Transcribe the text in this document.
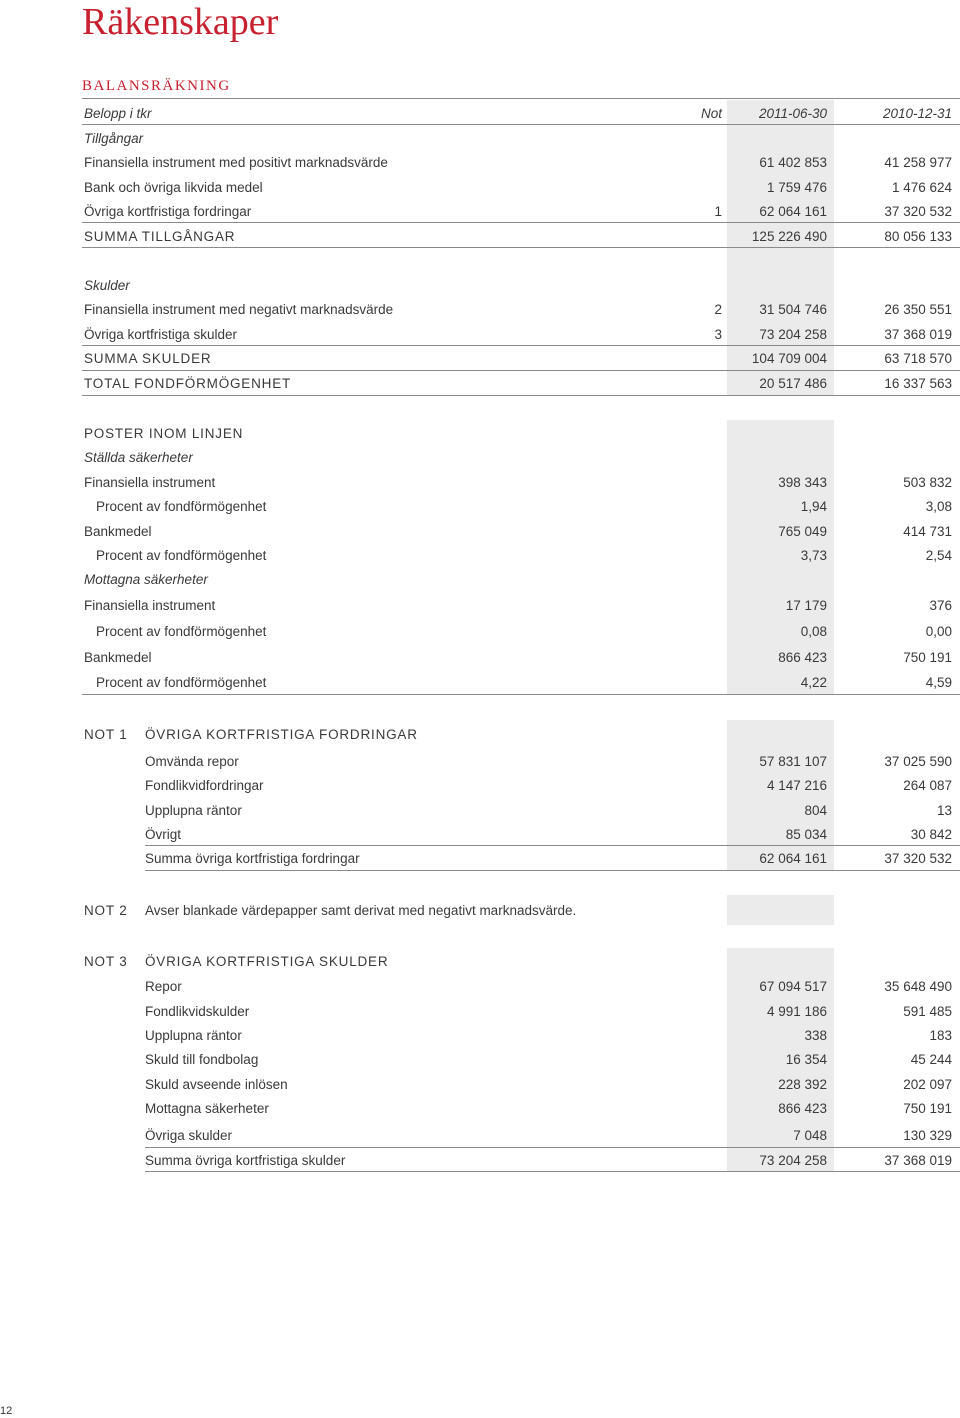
Räkenskaper
BALANSRÄKNING
Belopp i tkr	Not	2011-06-30	2010-12-31
Tillgångar
Finansiella instrument med positivt marknadsvärde	61 402 853	41 258 977
Bank och övriga likvida medel	1 759 476	1 476 624
Övriga kortfristiga fordringar	1	62 064 161	37 320 532
SUMMA TILLGÅNGAR	125 226 490	80 056 133
Skulder
Finansiella instrument med negativt marknadsvärde	2	31 504 746	26 350 551
Övriga kortfristiga skulder	3	73 204 258	37 368 019
SUMMA SKULDER	104 709 004	63 718 570
TOTAL FONDFÖRMÖGENHET	20 517 486	16 337 563
POSTER INOM LINJEN
Ställda säkerheter
Finansiella instrument	398 343	503 832
Procent av fondförmögenhet	1,94	3,08
Bankmedel	765 049	414 731
Procent av fondförmögenhet	3,73	2,54
Mottagna säkerheter
Finansiella instrument	17 179	376
Procent av fondförmögenhet	0,08	0,00
Bankmedel	866 423	750 191
Procent av fondförmögenhet	4,22	4,59
NOT 1 ÖVRIGA KORTFRISTIGA FORDRINGAR
Omvända repor	57 831 107	37 025 590
Fondlikvidfordringar	4 147 216	264 087
Upplupna räntor	804	13
Övrigt	85 034	30 842
Summa övriga kortfristiga fordringar	62 064 161	37 320 532
NOT 2 Avser blankade värdepapper samt derivat med negativt marknadsvärde.
NOT 3 ÖVRIGA KORTFRISTIGA SKULDER
Repor	67 094 517	35 648 490
Fondlikvidskulder	4 991 186	591 485
Upplupna räntor	338	183
Skuld till fondbolag	16 354	45 244
Skuld avseende inlösen	228 392	202 097
Mottagna säkerheter	866 423	750 191
Övriga skulder	7 048	130 329
Summa övriga kortfristiga skulder	73 204 258	37 368 019
12
